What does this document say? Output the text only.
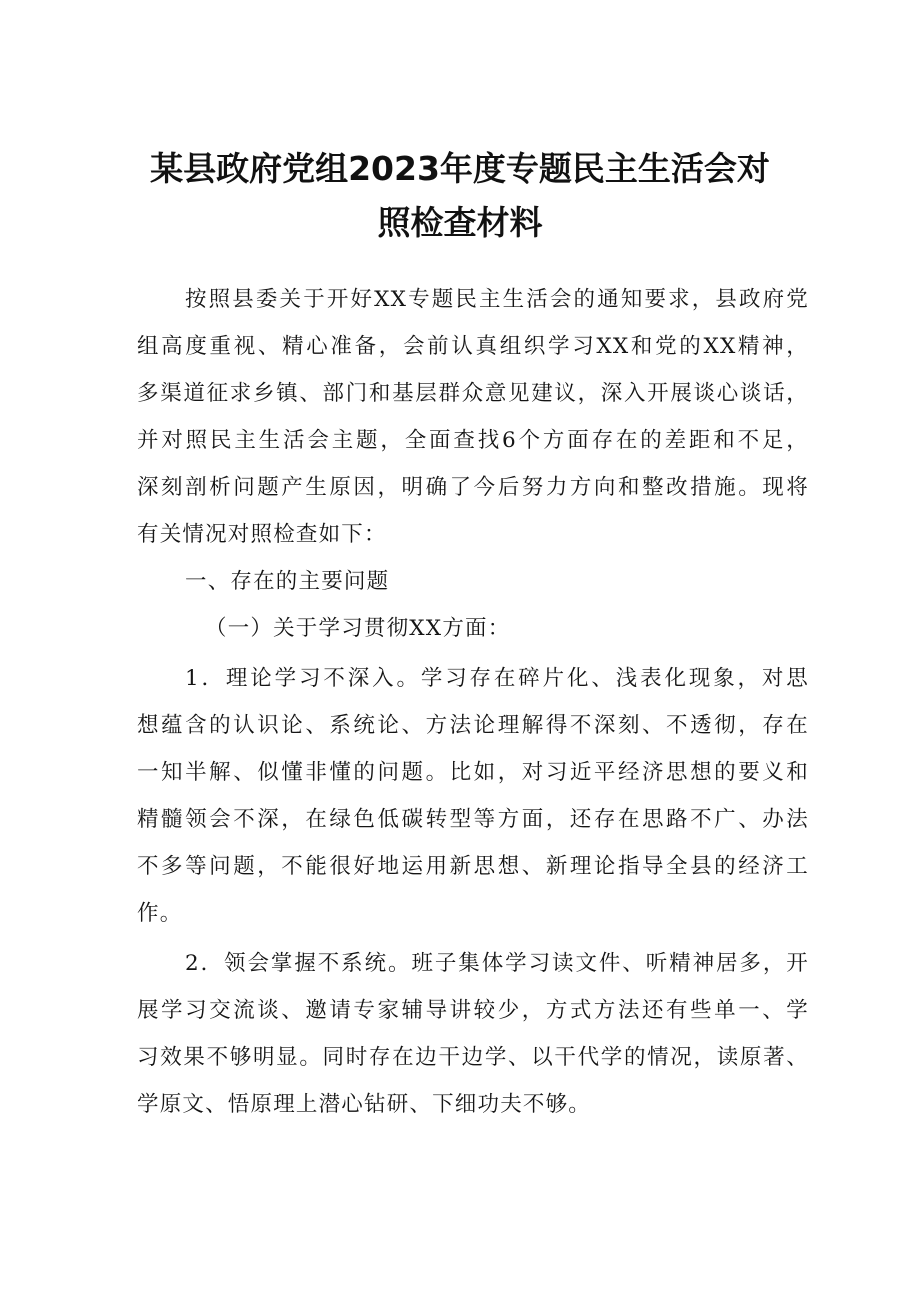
某县政府党组2023年度专题民主生活会对
照检查材料
按照县委关于开好XX专题民主生活会的通知要求，县政府党
组高度重视、精心准备，会前认真组织学习XX和党的XX精神，
多渠道征求乡镇、部门和基层群众意见建议，深入开展谈心谈话，
并对照民主生活会主题，全面查找6个方面存在的差距和不足，
深刻剖析问题产生原因，明确了今后努力方向和整改措施。现将
有关情况对照检查如下：
一、存在的主要问题
（一）关于学习贯彻XX方面：
1．理论学习不深入。学习存在碎片化、浅表化现象，对思
想蕴含的认识论、系统论、方法论理解得不深刻、不透彻，存在
一知半解、似懂非懂的问题。比如，对习近平经济思想的要义和
精髓领会不深，在绿色低碳转型等方面，还存在思路不广、办法
不多等问题，不能很好地运用新思想、新理论指导全县的经济工
作。
2．领会掌握不系统。班子集体学习读文件、听精神居多，开
展学习交流谈、邀请专家辅导讲较少，方式方法还有些单一、学
习效果不够明显。同时存在边干边学、以干代学的情况，读原著、
学原文、悟原理上潜心钻研、下细功夫不够。
